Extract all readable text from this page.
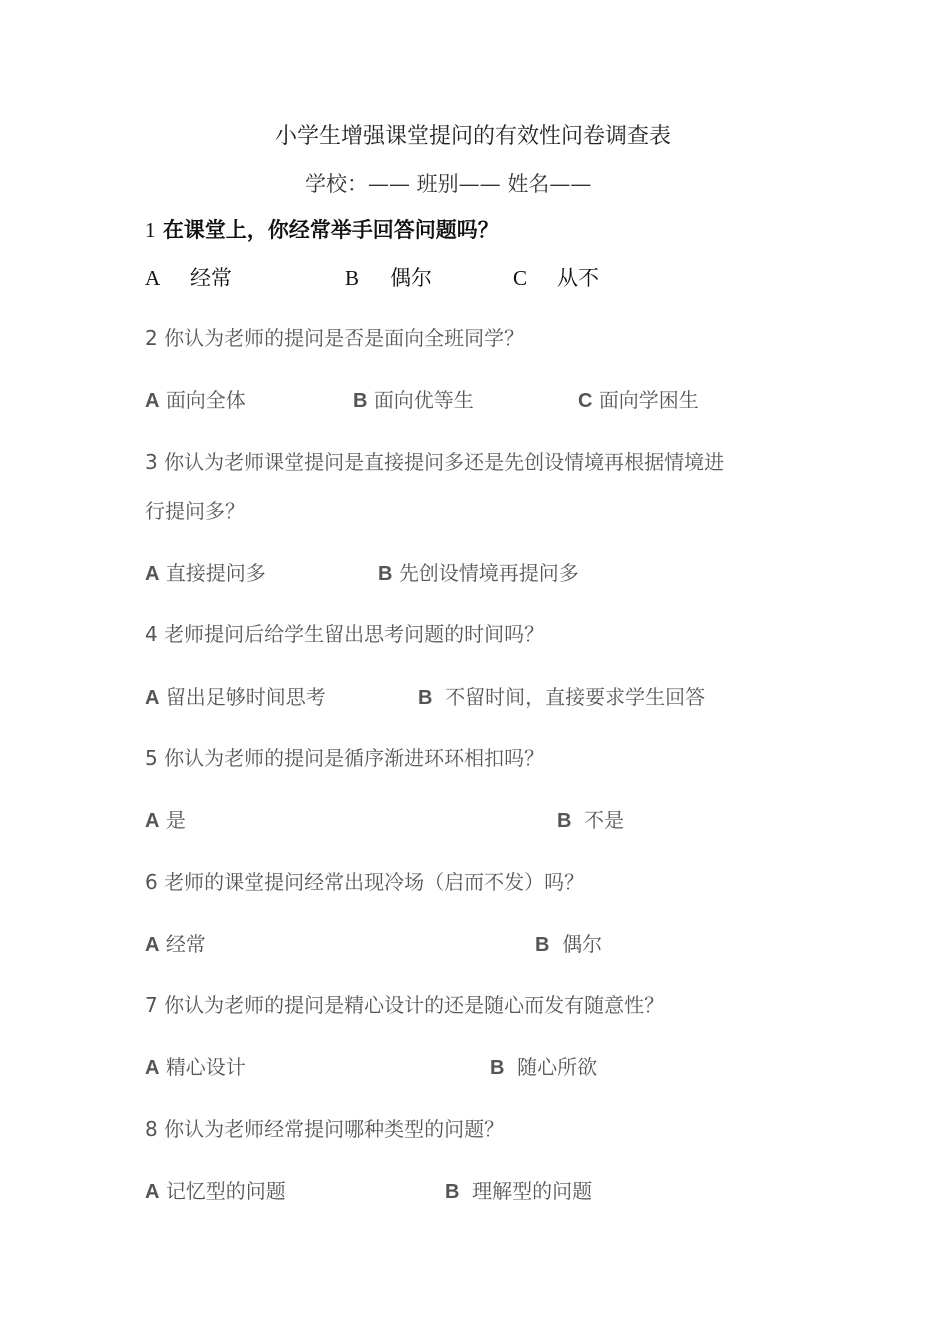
小学生增强课堂提问的有效性问卷调查表
学校：—— 班别—— 姓名——
1 在课堂上，你经常举手回答问题吗？
A 经常	B 偶尔	C 从不
2 你认为老师的提问是否是面向全班同学？
A 面向全体	B 面向优等生	C 面向学困生
3 你认为老师课堂提问是直接提问多还是先创设情境再根据情境进
行提问多？
A 直接提问多	B 先创设情境再提问多
4 老师提问后给学生留出思考问题的时间吗？
A 留出足够时间思考	B 不留时间，直接要求学生回答
5 你认为老师的提问是循序渐进环环相扣吗？
A 是	B 不是
6 老师的课堂提问经常出现冷场（启而不发）吗？
A 经常	B 偶尔
7 你认为老师的提问是精心设计的还是随心而发有随意性？
A 精心设计	B 随心所欲
8 你认为老师经常提问哪种类型的问题？
A 记忆型的问题	B 理解型的问题
